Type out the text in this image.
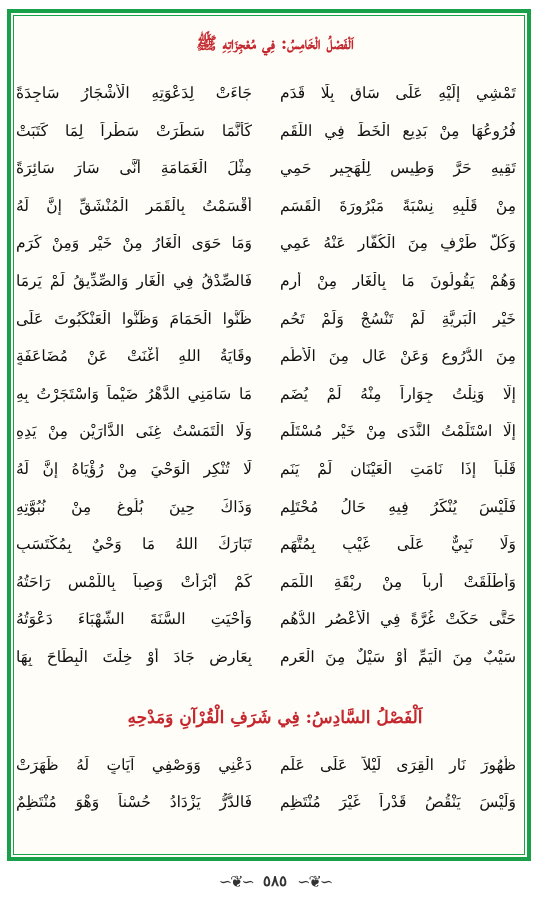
اَلْفَصْلُ الْخَامِسُ: فِي مُعْجِزَاتِهِ ﷺ
جَاءَتْ لِدَعْوَتِهِ الْأَشْجَارُ سَاجِدَةً تَمْشِي إِلَيْهِ عَلَى سَاقٍ بِلَا قَدَمِ
كَأَنَّمَا سَطَرَتْ سَطْراً لِمَا كَتَبَتْ فُرُوعُهَا مِنْ بَدِيعِ الْخَطِّ فِي اللَّقَمِ
مِثْلَ الْغَمَامَةِ أَنَّى سَارَ سَائِرَةً تَقِيهِ حَرَّ وَطِيسٍ لِلْهَجِيرِ حَمِي
أَقْسَمْتُ بِالْقَمَرِ الْمُنْشَقِّ إِنَّ لَهُ مِنْ قَلْبِهِ نِسْبَةً مَبْرُورَةَ الْقَسَمِ
وَمَا حَوَى الْغَارُ مِنْ خَيْرٍ وَمِنْ كَرَمٍ وَكُلُّ طَرْفٍ مِنَ الْكُفَّارِ عَنْهُ عَمِي
فَالصِّدْقُ فِي الْغَارِ وَالصِّدِّيقُ لَمْ يَرِمَا وَهُمْ يَقُولُونَ مَا بِالْغَارِ مِنْ أَرِمِ
ظَنُّوا الْحَمَامَ وَظَنُّوا الْعَنْكَبُوتَ عَلَى خَيْرِ الْبَرِيَّةِ لَمْ تَنْسُجْ وَلَمْ تَحُمِ
وِقَايَةُ اللهِ أَغْنَتْ عَنْ مُضَاعَفَةٍ مِنَ الدُّرُوعِ وَعَنْ عَالٍ مِنَ الْأُطُمِ
مَا سَامَنِي الدَّهْرُ ضَيْماً وَاسْتَجَرْتُ بِهِ إِلَّا وَنِلْتُ جِوَاراً مِنْهُ لَمْ يُضَمِ
وَلَا الْتَمَسْتُ غِنَى الدَّارَيْنِ مِنْ يَدِهِ إِلَّا اسْتَلَمْتُ النَّدَى مِنْ خَيْرِ مُسْتَلَمِ
لَا تُنْكِرِ الْوَحْيَ مِنْ رُؤْيَاهُ إِنَّ لَهُ قَلْباً إِذَا نَامَتِ الْعَيْنَانِ لَمْ يَنَمِ
وَذَاكَ حِينَ بُلُوغٍ مِنْ نُبُوَّتِهِ فَلَيْسَ يُنْكَرُ فِيهِ حَالُ مُحْتَلِمِ
تَبَارَكَ اللهُ مَا وَحْيٌ بِمُكْتَسَبٍ وَلَا نَبِيٌّ عَلَى غَيْبٍ بِمُتَّهَمِ
كَمْ أَبْرَأَتْ وَصِباً بِاللَّمْسِ رَاحَتُهُ وَأَطْلَقَتْ أَرِباً مِنْ رِبْقَةِ اللَّمَمِ
وَأَحْيَتِ السَّنَةَ الشَّهْبَاءَ دَعْوَتُهُ حَتَّى حَكَتْ غُرَّةً فِي الْأَعْصُرِ الدُّهُمِ
بِعَارِضٍ جَادَ أَوْ خِلْتَ الْبِطَاحَ بِهَا سَيْبٌ مِنَ الْيَمِّ أَوْ سَيْلٌ مِنَ الْعَرِمِ
اَلْفَصْلُ السَّادِسُ: فِي شَرَفِ الْقُرْآنِ وَمَدْحِهِ
دَعْنِي وَوَصْفِي آيَاتٍ لَهُ ظَهَرَتْ ظُهُورَ نَارِ الْقِرَى لَيْلاً عَلَى عَلَمِ
فَالدُّرُّ يَزْدَادُ حُسْناً وَهْوَ مُنْتَظِمٌ وَلَيْسَ يَنْقُصُ قَدْراً غَيْرَ مُنْتَظِمِ
∽❦∽ ٥٨٥ ∽❦∽
